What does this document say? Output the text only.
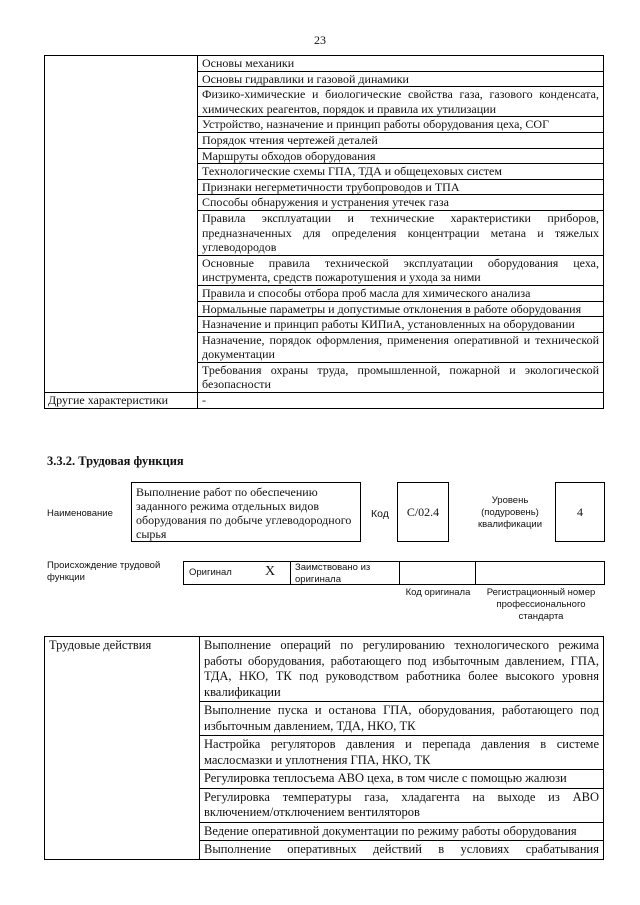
23
	Основы механики
	Основы гидравлики и газовой динамики
	Физико-химические и биологические свойства газа, газового конденсата, химических реагентов, порядок и правила их утилизации
	Устройство, назначение и принцип работы оборудования цеха, СОГ
	Порядок чтения чертежей деталей
	Маршруты обходов оборудования
	Технологические схемы ГПА, ТДА и общецеховых систем
	Признаки негерметичности трубопроводов и ТПА
	Способы обнаружения и устранения утечек газа
	Правила эксплуатации и технические характеристики приборов, предназначенных для определения концентрации метана и тяжелых углеводородов
	Основные правила технической эксплуатации оборудования цеха, инструмента, средств пожаротушения и ухода за ними
	Правила и способы отбора проб масла для химического анализа
	Нормальные параметры и допустимые отклонения в работе оборудования
	Назначение и принцип работы КИПиА, установленных на оборудовании
	Назначение, порядок оформления, применения оперативной и технической документации
	Требования охраны труда, промышленной, пожарной и экологической безопасности
Другие характеристики	-
3.3.2. Трудовая функция
Наименование
Выполнение работ по обеспечению заданного режима отдельных видов оборудования по добыче углеводородного сырья
Код	С/02.4
Уровень (подуровень) квалификации
4
Происхождение трудовой функции	Оригинал X	Заимствовано из оригинала
Код оригинала	Регистрационный номер профессионального стандарта
Трудовые действия	Выполнение операций по регулированию технологического режима работы оборудования, работающего под избыточным давлением, ГПА, ТДА, НКО, ТК под руководством работника более высокого уровня квалификации
Выполнение пуска и останова ГПА, оборудования, работающего под избыточным давлением, ТДА, НКО, ТК
Настройка регуляторов давления и перепада давления в системе маслосмазки и уплотнения ГПА, НКО, ТК
Регулировка теплосъема АВО цеха, в том числе с помощью жалюзи
Регулировка температуры газа, хладагента на выходе из АВО включением/отключением вентиляторов
Ведение оперативной документации по режиму работы оборудования

Выполнение оперативных действий в условиях срабатывания
